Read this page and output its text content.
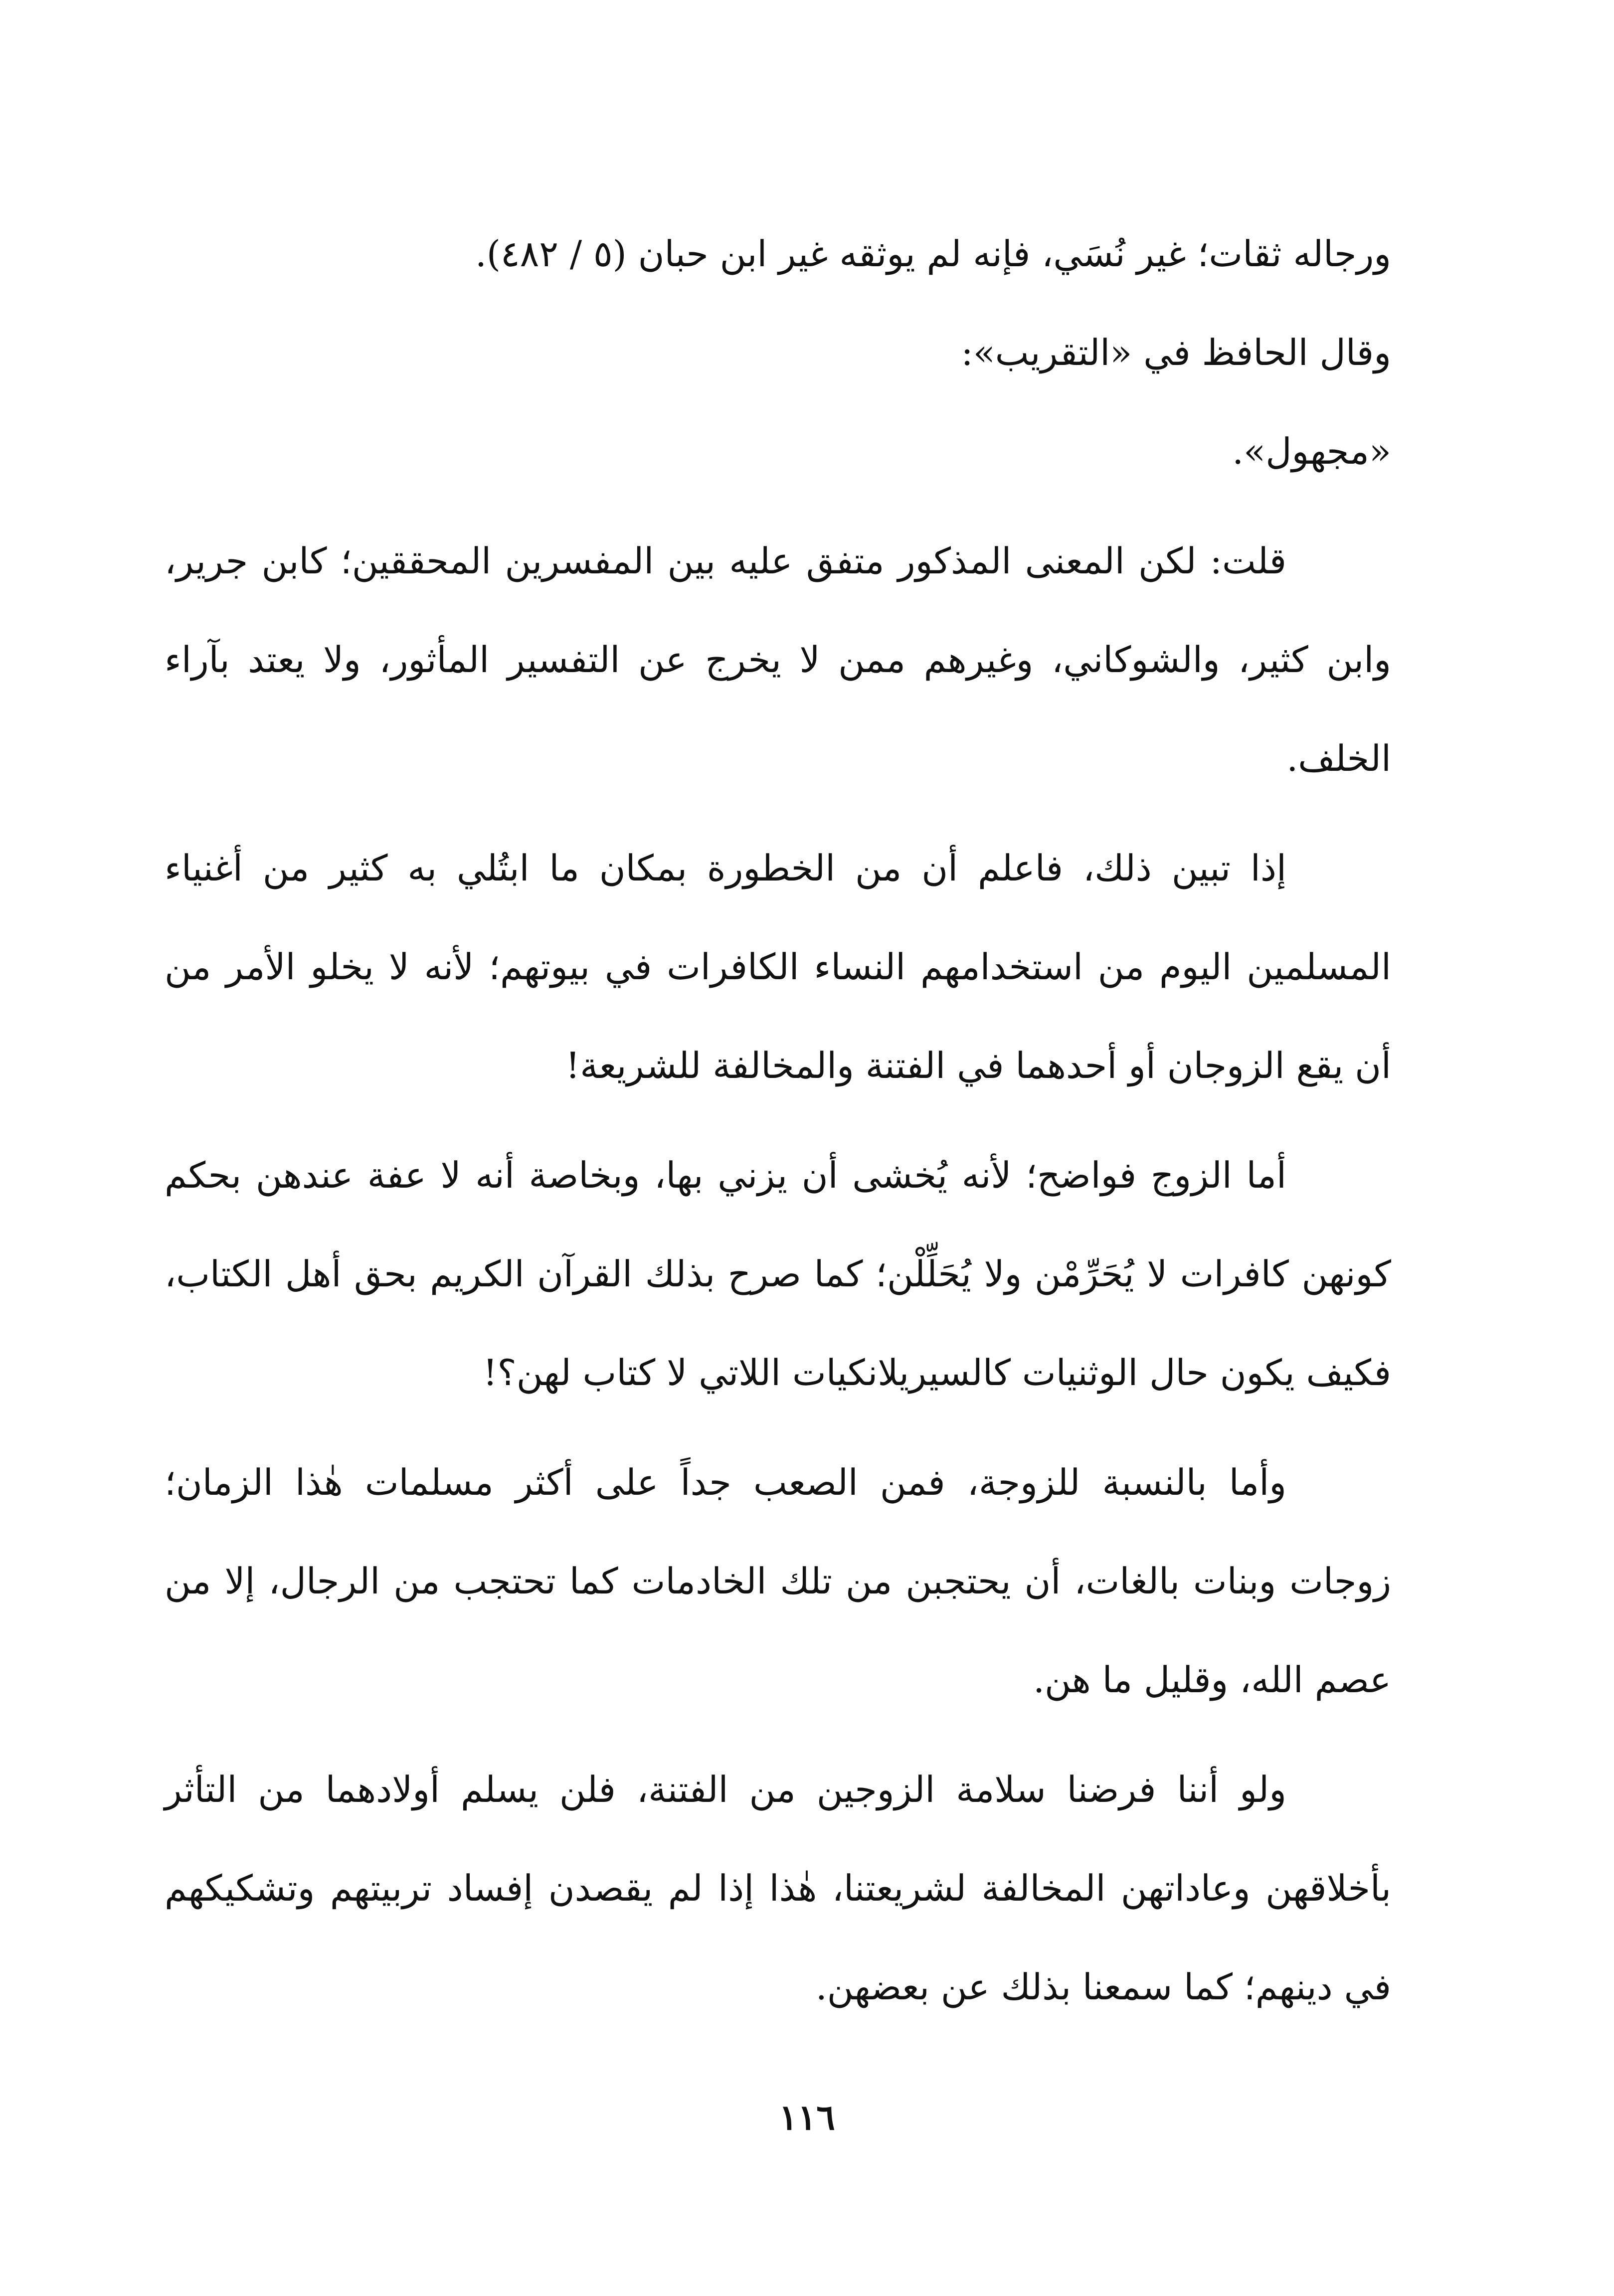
ورجاله ثقات؛ غير نُسَي، فإنه لم يوثقه غير ابن حبان (٥ / ٤٨٢).

وقال الحافظ في «التقريب»:

«مجهول».

قلت: لكن المعنى المذكور متفق عليه بين المفسرين المحققين؛ كابن جرير، وابن كثير، والشوكاني، وغيرهم ممن لا يخرج عن التفسير المأثور، ولا يعتد بآراء الخلف.

إذا تبين ذلك، فاعلم أن من الخطورة بمكان ما ابتُلي به كثير من أغنياء المسلمين اليوم من استخدامهم النساء الكافرات في بيوتهم؛ لأنه لا يخلو الأمر من أن يقع الزوجان أو أحدهما في الفتنة والمخالفة للشريعة!

أما الزوج فواضح؛ لأنه يُخشى أن يزني بها، وبخاصة أنه لا عفة عندهن بحكم كونهن كافرات لا يُحَرِّمْن ولا يُحَلِّلْن؛ كما صرح بذلك القرآن الكريم بحق أهل الكتاب، فكيف يكون حال الوثنيات كالسيريلانكيات اللاتي لا كتاب لهن؟!

وأما بالنسبة للزوجة، فمن الصعب جداً على أكثر مسلمات هٰذا الزمان؛ زوجات وبنات بالغات، أن يحتجبن من تلك الخادمات كما تحتجب من الرجال، إلا من عصم الله، وقليل ما هن.

ولو أننا فرضنا سلامة الزوجين من الفتنة، فلن يسلم أولادهما من التأثر بأخلاقهن وعاداتهن المخالفة لشريعتنا، هٰذا إذا لم يقصدن إفساد تربيتهم وتشكيكهم في دينهم؛ كما سمعنا بذلك عن بعضهن.

١١٦
